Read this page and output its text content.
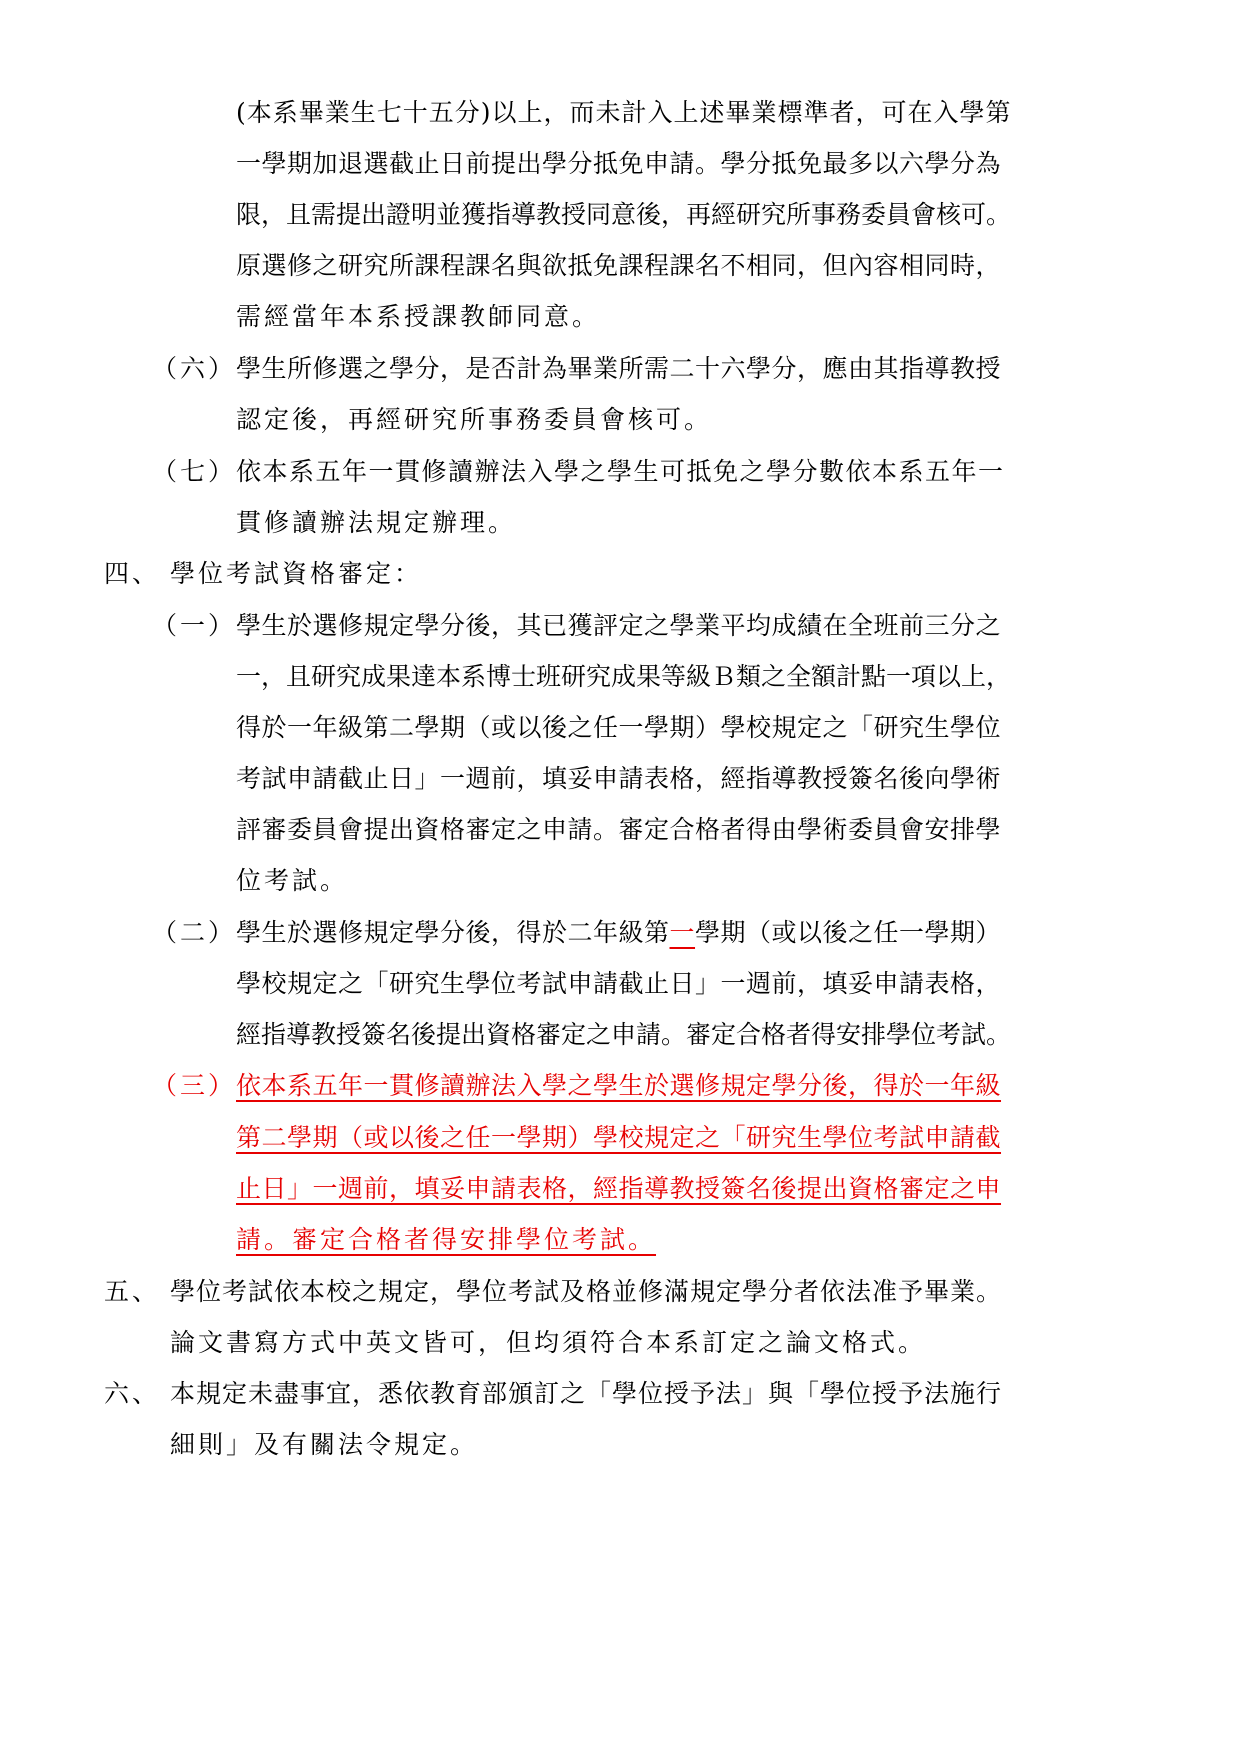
(本系畢業生七十五分)以上，而未計入上述畢業標準者，可在入學第
一學期加退選截止日前提出學分抵免申請。學分抵免最多以六學分為
限，且需提出證明並獲指導教授同意後，再經研究所事務委員會核可。
原選修之研究所課程課名與欲抵免課程課名不相同，但內容相同時，
需經當年本系授課教師同意。
（六） 學生所修選之學分，是否計為畢業所需二十六學分，應由其指導教授
認定後，再經研究所事務委員會核可。
（七） 依本系五年一貫修讀辦法入學之學生可抵免之學分數依本系五年一
貫修讀辦法規定辦理。
四、 學位考試資格審定：
（一） 學生於選修規定學分後，其已獲評定之學業平均成績在全班前三分之
一，且研究成果達本系博士班研究成果等級Ｂ類之全額計點一項以上，
得於一年級第二學期（或以後之任一學期）學校規定之「研究生學位
考試申請截止日」一週前，填妥申請表格，經指導教授簽名後向學術
評審委員會提出資格審定之申請。審定合格者得由學術委員會安排學
位考試。
（二） 學生於選修規定學分後，得於二年級第一學期（或以後之任一學期）
學校規定之「研究生學位考試申請截止日」一週前，填妥申請表格，
經指導教授簽名後提出資格審定之申請。審定合格者得安排學位考試。
（三） 依本系五年一貫修讀辦法入學之學生於選修規定學分後，得於一年級
第二學期（或以後之任一學期）學校規定之「研究生學位考試申請截
止日」一週前，填妥申請表格，經指導教授簽名後提出資格審定之申
請。審定合格者得安排學位考試。
五、 學位考試依本校之規定，學位考試及格並修滿規定學分者依法准予畢業。
論文書寫方式中英文皆可，但均須符合本系訂定之論文格式。
六、 本規定未盡事宜，悉依教育部頒訂之「學位授予法」與「學位授予法施行
細則」及有關法令規定。
